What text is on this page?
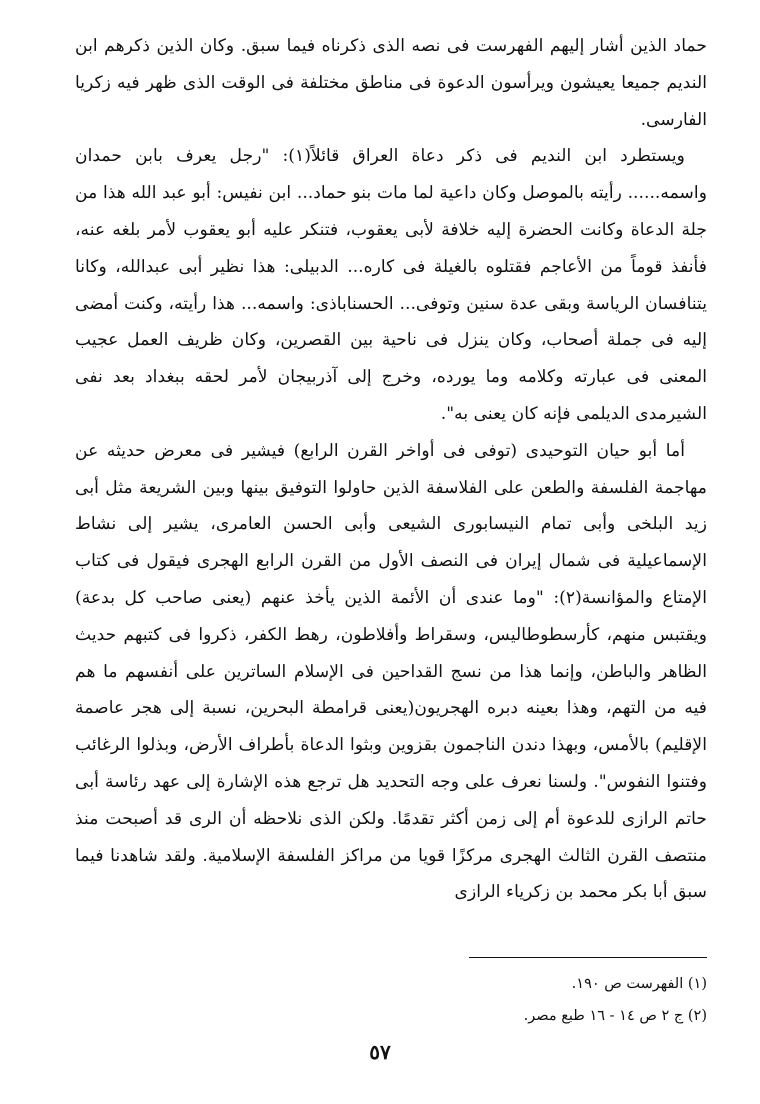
حماد الذين أشار إليهم الفهرست فى نصه الذى ذكرناه فيما سبق. وكان الذين ذكرهم ابن النديم جميعا يعيشون ويرأسون الدعوة فى مناطق مختلفة فى الوقت الذى ظهر فيه زكريا الفارسى.

ويستطرد ابن النديم فى ذكر دعاة العراق قائلاً(١): "رجل يعرف بابن حمدان واسمه...... رأيته بالموصل وكان داعية لما مات بنو حماد... ابن نفيس: أبو عبد الله هذا من جلة الدعاة وكانت الحضرة إليه خلافة لأبى يعقوب، فتنكر عليه أبو يعقوب لأمر بلغه عنه، فأنفذ قوماً من الأعاجم فقتلوه بالغيلة فى كاره... الدبيلى: هذا نظير أبى عبدالله، وكانا يتنافسان الرياسة وبقى عدة سنين وتوفى... الحسناباذى: واسمه... هذا رأيته، وكنت أمضى إليه فى جملة أصحاب، وكان ينزل فى ناحية بين القصرين، وكان ظريف العمل عجيب المعنى فى عبارته وكلامه وما يورده، وخرج إلى آذربيجان لأمر لحقه ببغداد بعد نفى الشيرمدى الديلمى فإنه كان يعنى به".

أما أبو حيان التوحيدى (توفى فى أواخر القرن الرابع) فيشير فى معرض حديثه عن مهاجمة الفلسفة والطعن على الفلاسفة الذين حاولوا التوفيق بينها وبين الشريعة مثل أبى زيد البلخى وأبى تمام النيسابورى الشيعى وأبى الحسن العامرى، يشير إلى نشاط الإسماعيلية فى شمال إيران فى النصف الأول من القرن الرابع الهجرى فيقول فى كتاب الإمتاع والمؤانسة(٢): "وما عندى أن الأئمة الذين يأخذ عنهم (يعنى صاحب كل بدعة) ويقتبس منهم، كأرسطوطاليس، وسقراط وأفلاطون، رهط الكفر، ذكروا فى كتبهم حديث الظاهر والباطن، وإنما هذا من نسج القداحين فى الإسلام الساترين على أنفسهم ما هم فيه من التهم، وهذا بعينه دبره الهجريون(يعنى قرامطة البحرين، نسبة إلى هجر عاصمة الإقليم) بالأمس، وبهذا دندن الناجمون بقزوين وبثوا الدعاة بأطراف الأرض، وبذلوا الرغائب وفتنوا النفوس". ولسنا نعرف على وجه التحديد هل ترجع هذه الإشارة إلى عهد رئاسة أبى حاتم الرازى للدعوة أم إلى زمن أكثر تقدمًا. ولكن الذى نلاحظه أن الرى قد أصبحت منذ منتصف القرن الثالث الهجرى مركزًا قويا من مراكز الفلسفة الإسلامية. ولقد شاهدنا فيما سبق أبا بكر محمد بن زكرياء الرازى

(١) الفهرست ص ١٩٠.

(٢) ج ٢ ص ١٤ - ١٦ طبع مصر.

٥٧
